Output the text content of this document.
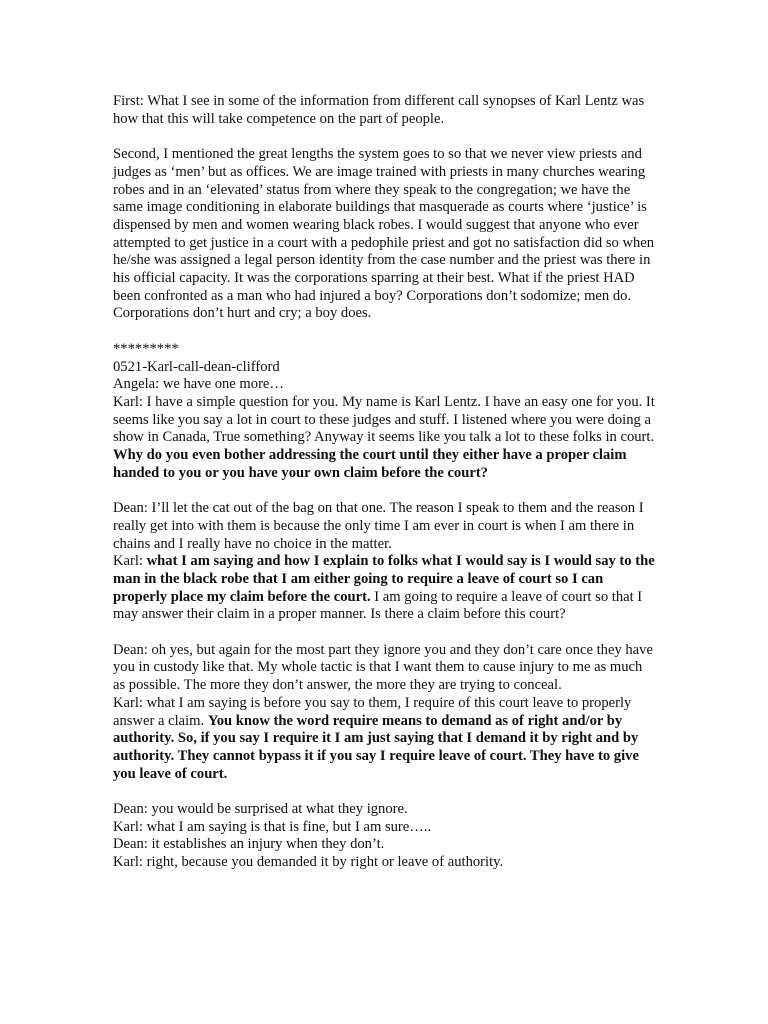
First: What I see in some of the information from different call synopses of Karl Lentz was how that this will take competence on the part of people.

Second, I mentioned the great lengths the system goes to so that we never view priests and judges as ‘men’ but as offices. We are image trained with priests in many churches wearing robes and in an ‘elevated’ status from where they speak to the congregation; we have the same image conditioning in elaborate buildings that masquerade as courts where ‘justice’ is dispensed by men and women wearing black robes. I would suggest that anyone who ever attempted to get justice in a court with a pedophile priest and got no satisfaction did so when he/she was assigned a legal person identity from the case number and the priest was there in his official capacity. It was the corporations sparring at their best. What if the priest HAD been confronted as a man who had injured a boy? Corporations don’t sodomize; men do. Corporations don’t hurt and cry; a boy does.

*********

0521-Karl-call-dean-clifford

Angela: we have one more…

Karl: I have a simple question for you. My name is Karl Lentz. I have an easy one for you. It seems like you say a lot in court to these judges and stuff. I listened where you were doing a show in Canada, True something? Anyway it seems like you talk a lot to these folks in court. Why do you even bother addressing the court until they either have a proper claim handed to you or you have your own claim before the court?

Dean: I’ll let the cat out of the bag on that one. The reason I speak to them and the reason I really get into with them is because the only time I am ever in court is when I am there in chains and I really have no choice in the matter.

Karl: what I am saying and how I explain to folks what I would say is I would say to the man in the black robe that I am either going to require a leave of court so I can properly place my claim before the court. I am going to require a leave of court so that I may answer their claim in a proper manner. Is there a claim before this court?

Dean: oh yes, but again for the most part they ignore you and they don’t care once they have you in custody like that. My whole tactic is that I want them to cause injury to me as much as possible. The more they don’t answer, the more they are trying to conceal.

Karl: what I am saying is before you say to them, I require of this court leave to properly answer a claim. You know the word require means to demand as of right and/or by authority. So, if you say I require it I am just saying that I demand it by right and by authority. They cannot bypass it if you say I require leave of court. They have to give you leave of court.

Dean: you would be surprised at what they ignore.

Karl: what I am saying is that is fine, but I am sure…..

Dean: it establishes an injury when they don’t.

Karl: right, because you demanded it by right or leave of authority.
